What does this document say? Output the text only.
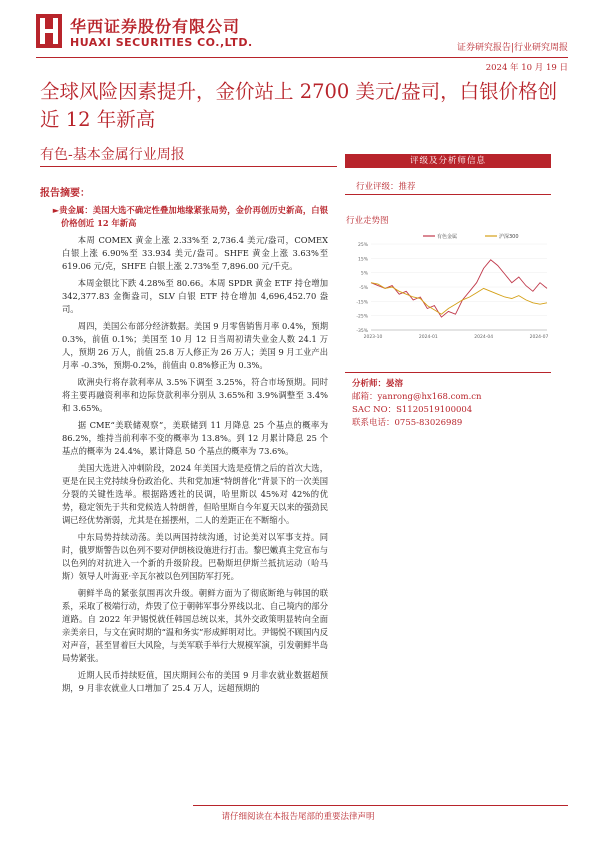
华西证券股份有限公司
HUAXI SECURITIES CO.,LTD.	证券研究报告|行业研究周报
2024 年 10 月 19 日
全球风险因素提升，金价站上 2700 美元/盎司，白银价格创近 12 年新高
有色-基本金属行业周报
报告摘要：

►贵金属：美国大选不确定性叠加地缘紧张局势，金价再创历史新高，白银价格创近 12 年新高

本周 COMEX 黄金上涨 2.33%至 2,736.4 美元/盎司，COMEX 白银上涨 6.90%至 33.934 美元/盎司。SHFE 黄金上涨 3.63%至 619.06 元/克，SHFE 白银上涨 2.73%至 7,896.00 元/千克。

本周金银比下跌 4.28%至 80.66。本周 SPDR 黄金 ETF 持仓增加 342,377.83 金衡盎司，SLV 白银 ETF 持仓增加 4,696,452.70 盎司。

周四，美国公布部分经济数据。美国 9 月零售销售月率 0.4%，预期 0.3%，前值 0.1%；美国至 10 月 12 日当周初请失业金人数 24.1 万人，预期 26 万人，前值 25.8 万人修正为 26 万人；美国 9 月工业产出月率 -0.3%，预期-0.2%，前值由 0.8%修正为 0.3%。

欧洲央行将存款利率从 3.5%下调至 3.25%，符合市场预期。同时将主要再融资利率和边际贷款利率分别从 3.65%和 3.9%调整至 3.4%和 3.65%。

据 CME“美联储观察”，美联储到 11 月降息 25 个基点的概率为 86.2%，维持当前利率不变的概率为 13.8%。到 12 月累计降息 25 个基点的概率为 24.4%，累计降息 50 个基点的概率为 73.6%。

美国大选进入冲刺阶段，2024 年美国大选是疫情之后的首次大选，更是在民主党持续身份政治化、共和党加速“特朗普化”背景下的一次美国分裂的关键性选举。根据路透社的民调，哈里斯以 45%对 42%的优势，稳定领先于共和党候选人特朗普，但哈里斯自今年夏天以来的强劲民调已经优势渐弱，尤其是在摇摆州，二人的差距正在不断缩小。

中东局势持续动荡。美以两国持续沟通，讨论美对以军事支持。同时，俄罗斯警告以色列不要对伊朗核设施进行打击。黎巴嫩真主党宣布与以色列的对抗进入一个新的升级阶段。巴勒斯坦伊斯兰抵抗运动（哈马斯）领导人叶海亚·辛瓦尔被以色列国防军打死。

朝鲜半岛的紧张氛围再次升级。朝鲜方面为了彻底断绝与韩国的联系，采取了极端行动，炸毁了位于朝韩军事分界线以北、自己境内的部分道路。自 2022 年尹锡悦就任韩国总统以来，其外交政策明显转向全面亲美亲日，与文在寅时期的“温和务实”形成鲜明对比。尹锡悦不顾国内反对声音，甚至冒着巨大风险，与美军联手举行大规模军演，引发朝鲜半岛局势紧张。

近期人民币持续贬值，国庆期间公布的美国 9 月非农就业数据超预期，9 月非农就业人口增加了 25.4 万人，远超预期的

评级及分析师信息
行业评级：推荐
行业走势图
25%
15%
5%
-5%
-15%
-25%
-35%
2023-10	2024-01	2024-04	2024-07
有色金属	沪深300
分析师：晏溶
邮箱：yanrong@hx168.com.cn
SAC NO：S1120519100004
联系电话：0755-83026989
请仔细阅读在本报告尾部的重要法律声明
